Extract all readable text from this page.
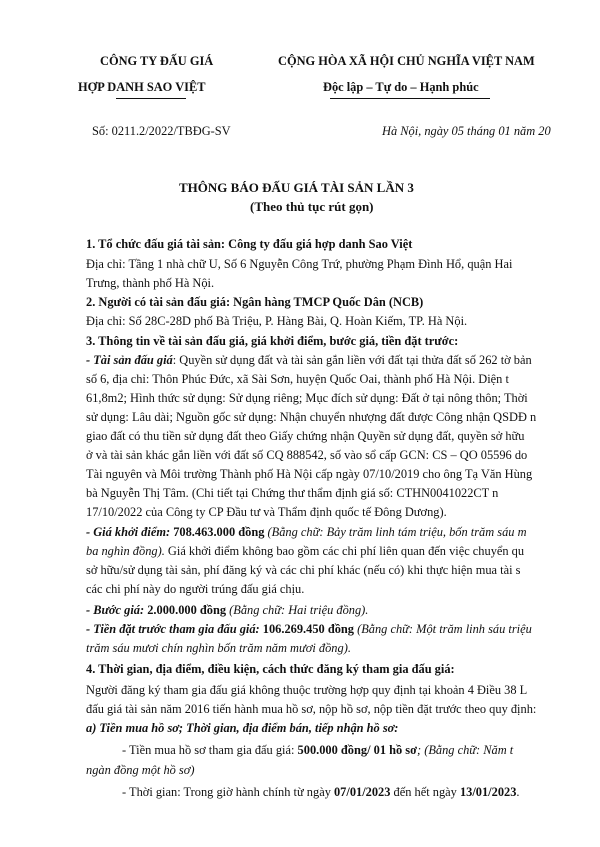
CÔNG TY ĐẤU GIÁ
HỢP DANH SAO VIỆT
CỘNG HÒA XÃ HỘI CHỦ NGHĨA VIỆT NAM
Độc lập – Tự do – Hạnh phúc
Số: 0211.2/2022/TBĐG-SV	Hà Nội, ngày 05 tháng 01 năm 20
THÔNG BÁO ĐẤU GIÁ TÀI SẢN LẦN 3
(Theo thủ tục rút gọn)
1. Tổ chức đấu giá tài sản: Công ty đấu giá hợp danh Sao Việt
Địa chỉ: Tầng 1 nhà chữ U, Số 6 Nguyễn Công Trứ, phường Phạm Đình Hổ, quận Hai
Trưng, thành phố Hà Nội.
2. Người có tài sản đấu giá: Ngân hàng TMCP Quốc Dân (NCB)
Địa chỉ: Số 28C-28D phố Bà Triệu, P. Hàng Bài, Q. Hoàn Kiếm, TP. Hà Nội.
3. Thông tin về tài sản đấu giá, giá khởi điểm, bước giá, tiền đặt trước:
- Tài sản đấu giá: Quyền sử dụng đất và tài sản gắn liền với đất tại thửa đất số 262 tờ bản
số 6, địa chỉ: Thôn Phúc Đức, xã Sài Sơn, huyện Quốc Oai, thành phố Hà Nội. Diện t
61,8m2; Hình thức sử dụng: Sử dụng riêng; Mục đích sử dụng: Đất ở tại nông thôn; Thời
sử dụng: Lâu dài; Nguồn gốc sử dụng: Nhận chuyển nhượng đất được Công nhận QSDĐ n
giao đất có thu tiền sử dụng đất theo Giấy chứng nhận Quyền sử dụng đất, quyền sở hữu
ở và tài sản khác gắn liền với đất số CQ 888542, số vào sổ cấp GCN: CS – QO 05596 do
Tài nguyên và Môi trường Thành phố Hà Nội cấp ngày 07/10/2019 cho ông Tạ Văn Hùng
bà Nguyễn Thị Tâm. (Chi tiết tại Chứng thư thẩm định giá số: CTHN0041022CT n
17/10/2022 của Công ty CP Đầu tư và Thẩm định quốc tế Đông Dương).
- Giá khởi điểm: 708.463.000 đồng (Bằng chữ: Bảy trăm linh tám triệu, bốn trăm sáu m
ba nghìn đồng). Giá khởi điểm không bao gồm các chi phí liên quan đến việc chuyển qu
sở hữu/sử dụng tài sản, phí đăng ký và các chi phí khác (nếu có) khi thực hiện mua tài s
các chi phí này do người trúng đấu giá chịu.
- Bước giá: 2.000.000 đồng (Bằng chữ: Hai triệu đồng).
- Tiền đặt trước tham gia đấu giá: 106.269.450 đồng (Bằng chữ: Một trăm linh sáu triệu
trăm sáu mươi chín nghìn bốn trăm năm mươi đồng).
4. Thời gian, địa điểm, điều kiện, cách thức đăng ký tham gia đấu giá:
Người đăng ký tham gia đấu giá không thuộc trường hợp quy định tại khoản 4 Điều 38 L
đấu giá tài sản năm 2016 tiến hành mua hồ sơ, nộp hồ sơ, nộp tiền đặt trước theo quy định:
a) Tiền mua hồ sơ; Thời gian, địa điểm bán, tiếp nhận hồ sơ:
- Tiền mua hồ sơ tham gia đấu giá: 500.000 đồng/ 01 hồ sơ; (Bằng chữ: Năm t
ngàn đồng một hồ sơ)
- Thời gian: Trong giờ hành chính từ ngày 07/01/2023 đến hết ngày 13/01/2023.
